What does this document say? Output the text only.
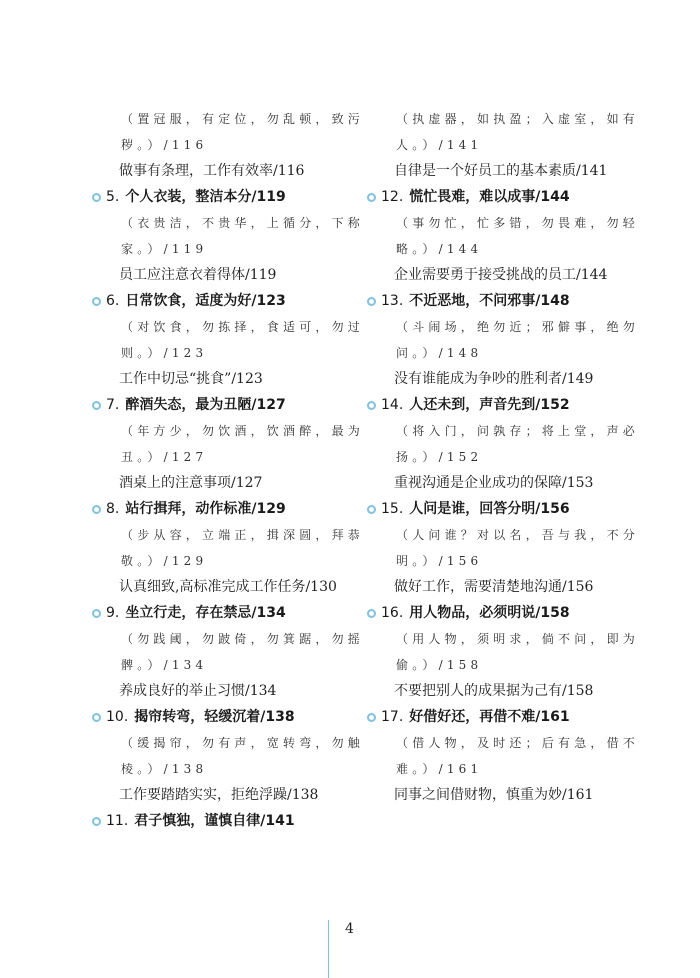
（置冠服，有定位，勿乱顿，致污
秽。）/116
做事有条理，工作有效率/116
5. 个人衣装，整洁本分/119
（衣贵洁，不贵华，上循分，下称
家。）/119
员工应注意衣着得体/119
6. 日常饮食，适度为好/123
（对饮食，勿拣择，食适可，勿过
则。）/123
工作中切忌“挑食”/123
7. 醉酒失态，最为丑陋/127
（年方少，勿饮酒，饮酒醉，最为
丑。）/127
酒桌上的注意事项/127
8. 站行揖拜，动作标准/129
（步从容，立端正，揖深圆，拜恭
敬。）/129
认真细致,高标准完成工作任务/130
9. 坐立行走，存在禁忌/134
（勿践阈，勿跛倚，勿箕踞，勿摇
髀。）/134
养成良好的举止习惯/134
10. 揭帘转弯，轻缓沉着/138
（缓揭帘，勿有声，宽转弯，勿触
棱。）/138
工作要踏踏实实，拒绝浮躁/138
11. 君子慎独，谨慎自律/141
（执虚器，如执盈；入虚室，如有
人。）/141
自律是一个好员工的基本素质/141
12. 慌忙畏难，难以成事/144
（事勿忙，忙多错，勿畏难，勿轻
略。）/144
企业需要勇于接受挑战的员工/144
13. 不近恶地，不问邪事/148
（斗闹场，绝勿近；邪僻事，绝勿
问。）/148
没有谁能成为争吵的胜利者/149
14. 人还未到，声音先到/152
（将入门，问孰存；将上堂，声必
扬。）/152
重视沟通是企业成功的保障/153
15. 人问是谁，回答分明/156
（人问谁？对以名，吾与我，不分
明。）/156
做好工作，需要清楚地沟通/156
16. 用人物品，必须明说/158
（用人物，须明求，倘不问，即为
偷。）/158
不要把别人的成果据为己有/158
17. 好借好还，再借不难/161
（借人物，及时还；后有急，借不
难。）/161
同事之间借财物，慎重为妙/161
4
